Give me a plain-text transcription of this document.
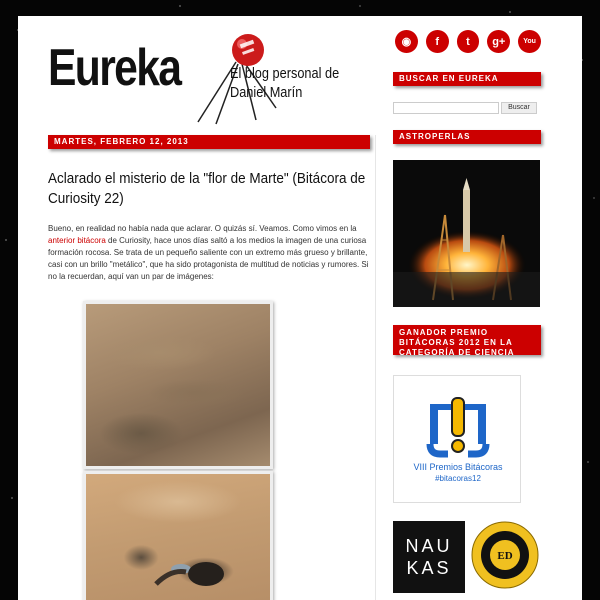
Eureka	El blog personal de
Daniel Marín
MARTES, FEBRERO 12, 2013
Aclarado el misterio de la "flor de Marte" (Bitácora de Curiosity 22)

Bueno, en realidad no había nada que aclarar. O quizás sí. Veamos. Como vimos en la anterior bitácora de Curiosity, hace unos días saltó a los medios la imagen de una curiosa formación rocosa. Se trata de un pequeño saliente con un extremo más grueso y brillante, casi con un brillo "metálico", que ha sido protagonista de multitud de noticias y rumores. Si no la recuerdan, aquí van un par de imágenes:

◉	f	t	g+	You
BUSCAR EN EUREKA
Buscar
ASTROPERLAS
GANADOR PREMIO BITÁCORAS 2012 EN LA CATEGORÍA DE CIENCIA
VIII Premios Bitácoras
#bitacoras12
NAU
KAS
ED
